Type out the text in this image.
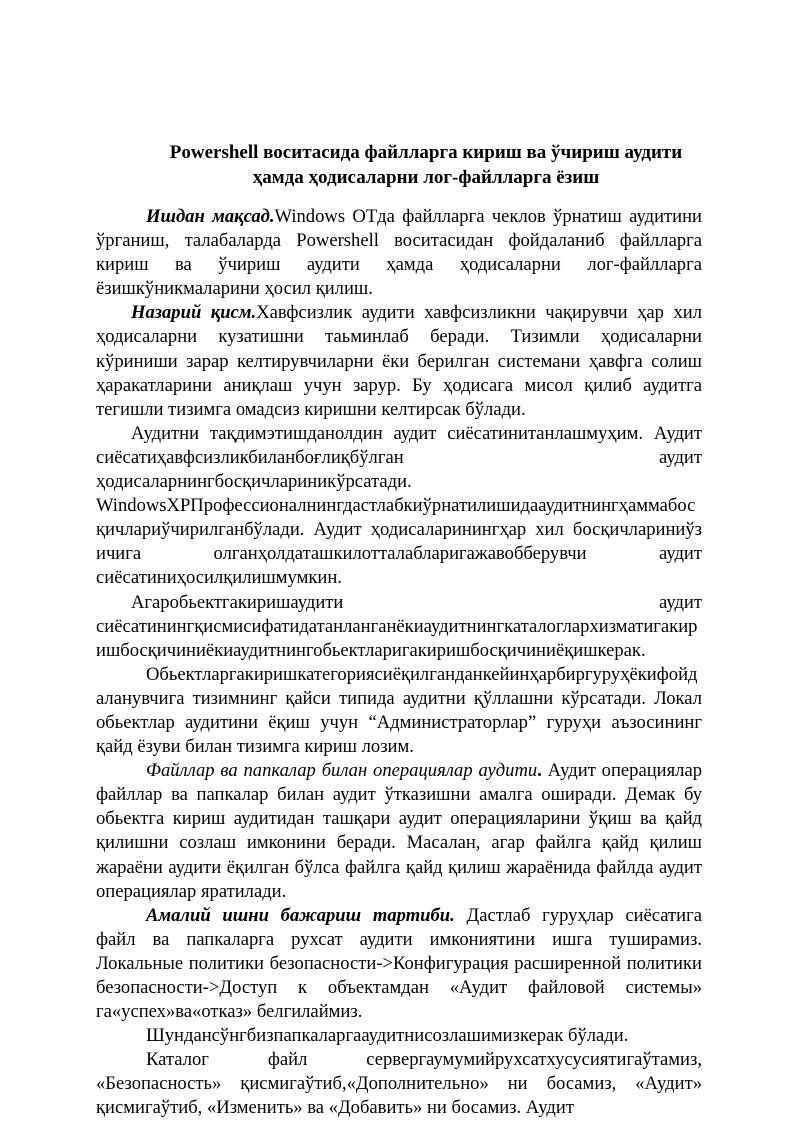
Powershell воситасида файлларга кириш ва ўчириш аудити
ҳамда ҳодисаларни лог-файлларга ёзиш

Ишдан мақсад.Windows ОТда файлларга чеклов ўрнатиш аудитини ўрганиш, талабаларда Powershell воситасидан фойдаланиб файлларга кириш ва ўчириш аудити ҳамда ҳодисаларни лог-файлларга ёзишкўникмаларини ҳосил қилиш.

Назарий қисм.Хавфсизлик аудити хавфсизликни чақирувчи ҳар хил ҳодисаларни кузатишни таьминлаб беради. Тизимли ҳодисаларни кўриниши зарар келтирувчиларни ёки берилган системани ҳавфга солиш ҳаракатларини аниқлаш учун зарур. Бу ҳодисага мисол қилиб аудитга тегишли тизимга омадсиз киришни келтирсак бўлади.

Аудитни тақдимэтишданолдин аудит сиёсатинитанлашмуҳим. Аудит сиёсатиҳавфсизликбиланбоғлиқбўлган аудит ҳодисаларнингбосқичлариникўрсатади. WindowsXPПрофессионалнингдастлабкиўрнатилишидааудитнингҳаммабосқичлариўчирилганбўлади. Аудит ҳодисаларинингҳар хил босқичлариниўз ичига олганҳолдаташкилотталабларигажавобберувчи аудит сиёсатиниҳосилқилишмумкин.

Агаробьектгакиришаудити аудит сиёсатинингқисмисифатидатанланганёкиаудитнингкаталоглархизматигакиришбосқичиниёкиаудитнингобьектларигакиришбосқичиниёқишкерак.

Обьектларгакиришкатегориясиёқилганданкейинҳарбиргуруҳёкифойдаланувчига тизимнинг қайси типида аудитни қўллашни кўрсатади. Локал обьектлар аудитини ёқиш учун “Администраторлар” гуруҳи аъзосининг қайд ёзуви билан тизимга кириш лозим.

Файллар ва папкалар билан операциялар аудити. Аудит операциялар файллар ва папкалар билан аудит ўтказишни амалга оширади. Демак бу обьектга кириш аудитидан ташқари аудит операцияларини ўқиш ва қайд қилишни созлаш имконини беради. Масалан, агар файлга қайд қилиш жараёни аудити ёқилган бўлса файлга қайд қилиш жараёнида файлда аудит операциялар яратилади.

Амалий ишни бажариш тартиби. Дастлаб гуруҳлар сиёсатига файл ва папкаларга рухсат аудити имкониятини ишга туширамиз. Локальные политики безопасности->Конфигурация расширенной политики безопасности->Доступ к объектамдан «Аудит файловой системы» га«успех»ва«отказ» белгилаймиз.

Шундансўнгбизпапкаларгааудитнисозлашимизкерак бўлади.

Каталог файл сервергаумумийрухсатхусусиятигаўтамиз, «Безопасность» қисмигаўтиб,«Дополнительно» ни босамиз, «Аудит» қисмигаўтиб, «Изменить» ва «Добавить» ни босамиз. Аудит
